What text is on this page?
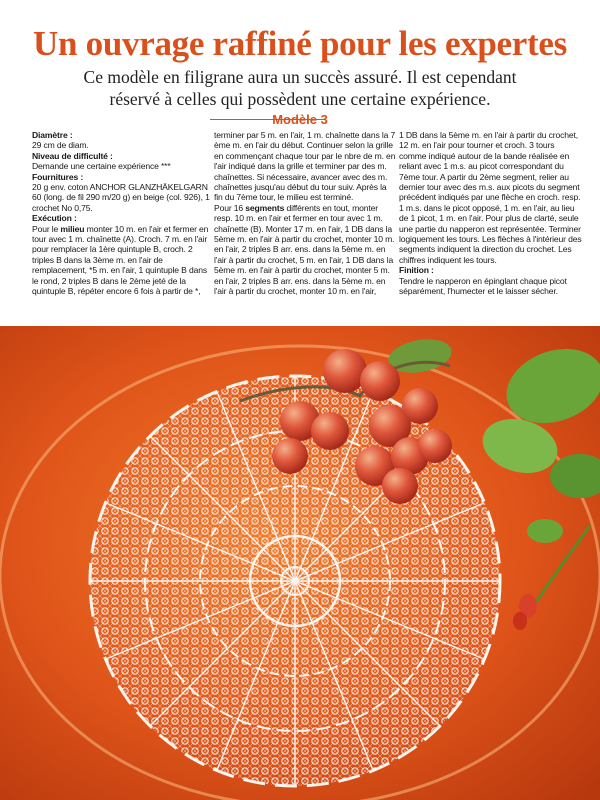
Un ouvrage raffiné pour les expertes
Ce modèle en filigrane aura un succès assuré. Il est cependant
réservé à celles qui possèdent une certaine expérience.
Modèle 3

Diamètre :

29 cm de diam.

Niveau de difficulté :

Demande une certaine expérience ***

Fournitures :

20 g env. coton ANCHOR GLANZHÄKELGARN 60 (long. de fil 290 m/20 g) en beige (col. 926), 1 crochet No 0,75.

Exécution :

Pour le milieu monter 10 m. en l'air et fermer en tour avec 1 m. chaînette (A). Croch. 7 m. en l'air pour remplacer la 1ère quintuple B, croch. 2 triples B dans la 3ème m. en l'air de remplacement, *5 m. en l'air, 1 quintuple B dans le rond, 2 triples B dans le 2ème jeté de la quintuple B, répéter encore 6 fois à partir de *,

terminer par 5 m. en l'air, 1 m. chaînette dans la 7 ème m. en l'air du début. Continuer selon la grille en commençant chaque tour par le nbre de m. en l'air indiqué dans la grille et terminer par des m. chaînettes. Si nécessaire, avancer avec des m. chaînettes jusqu'au début du tour suiv. Après la fin du 7ème tour, le milieu est terminé.

Pour 16 segments différents en tout, monter resp. 10 m. en l'air et fermer en tour avec 1 m. chaînette (B). Monter 17 m. en l'air, 1 DB dans la 5ème m. en l'air à partir du crochet, monter 10 m. en l'air, 2 triples B arr. ens. dans la 5ème m. en l'air à partir du crochet, 5 m. en l'air, 1 DB dans la 5ème m. en l'air à partir du crochet, monter 5 m. en l'air, 2 triples B arr. ens. dans la 5ème m. en l'air à partir du crochet, monter 10 m. en l'air,

1 DB dans la 5ème m. en l'air à partir du crochet, 12 m. en l'air pour tourner et croch. 3 tours comme indiqué autour de la bande réalisée en reliant avec 1 m.s. au picot correspondant du 7ème tour. A partir du 2ème segment, relier au dernier tour avec des m.s. aux picots du segment précédent indiqués par une flèche en croch. resp. 1 m.s. dans le picot opposé, 1 m. en l'air, au lieu de 1 picot, 1 m. en l'air. Pour plus de clarté, seule une partie du napperon est représentée. Terminer logiquement les tours. Les flèches à l'intérieur des segments indiquent la direction du crochet. Les chiffres indiquent les tours.

Finition :

Tendre le napperon en épinglant chaque picot séparément, l'humecter et le laisser sécher.
